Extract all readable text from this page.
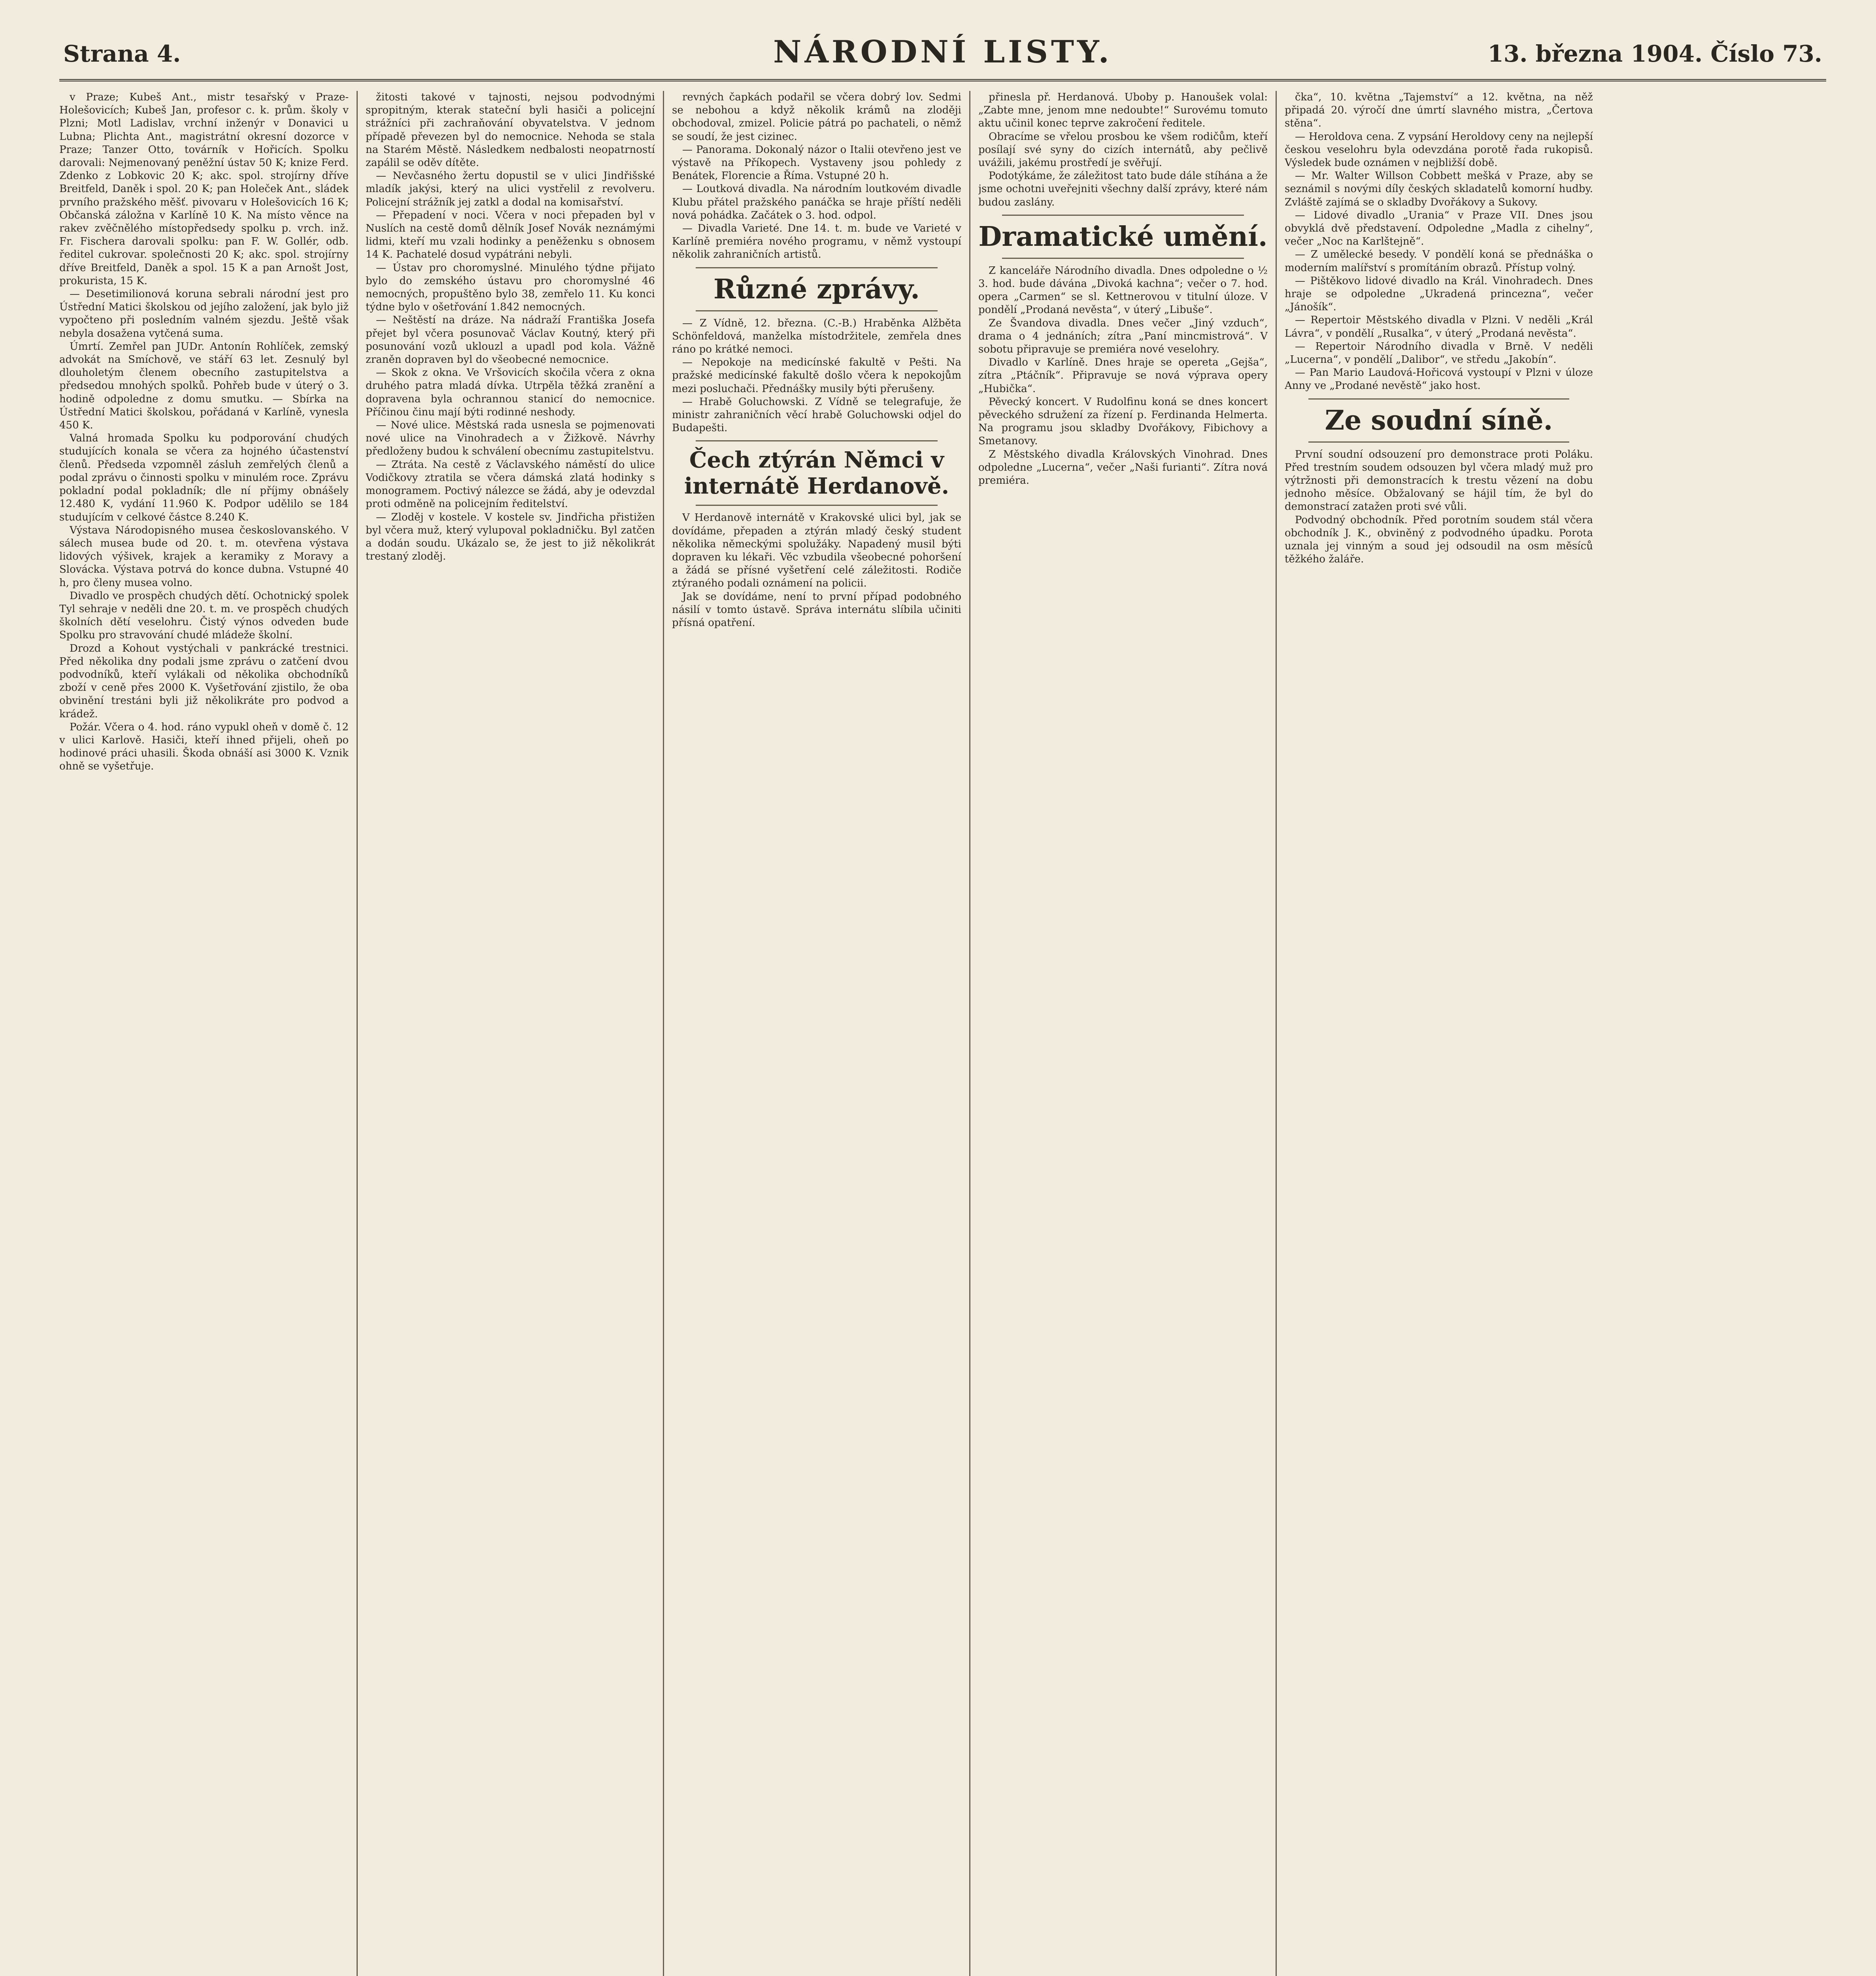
Strana 4.	NÁRODNÍ LISTY.	13. března 1904. Číslo 73.

v Praze; Kubeš Ant., mistr tesařský v Praze-Holešovicích; Kubeš Jan, profesor c. k. prům. školy v Plzni; Motl Ladislav, vrchní inženýr v Donavici u Lubna; Plichta Ant., magistrátní okresní dozorce v Praze; Tanzer Otto, továrník v Hořicích. Spolku darovali: Nejmenovaný peněžní ústav 50 K; knize Ferd. Zdenko z Lobkovic 20 K; akc. spol. strojírny dříve Breitfeld, Daněk i spol. 20 K; pan Holeček Ant., sládek prvního pražského měšť. pivovaru v Holešovicích 16 K; Občanská záložna v Karlíně 10 K. Na místo věnce na rakev zvěčnělého místopředsedy spolku p. vrch. inž. Fr. Fischera darovali spolku: pan F. W. Gollér, odb. ředitel cukrovar. společnosti 20 K; akc. spol. strojírny dříve Breitfeld, Daněk a spol. 15 K a pan Arnošt Jost, prokurista, 15 K.

— Desetimilionová koruna sebrali národní jest pro Ústřední Matici školskou od jejího založení, jak bylo již vypočteno při posledním valném sjezdu. Ještě však nebyla dosažena vytčená suma.

Úmrtí. Zemřel pan JUDr. Antonín Rohlíček, zemský advokát na Smíchově, ve stáří 63 let. Zesnulý byl dlouholetým členem obecního zastupitelstva a předsedou mnohých spolků. Pohřeb bude v úterý o 3. hodině odpoledne z domu smutku. — Sbírka na Ústřední Matici školskou, pořádaná v Karlíně, vynesla 450 K.

Valná hromada Spolku ku podporování chudých studujících konala se včera za hojného účastenství členů. Předseda vzpomněl zásluh zemřelých členů a podal zprávu o činnosti spolku v minulém roce. Zprávu pokladní podal pokladník; dle ní příjmy obnášely 12.480 K, vydání 11.960 K. Podpor udělilo se 184 studujícím v celkové částce 8.240 K.

Výstava Národopisného musea českoslovanského. V sálech musea bude od 20. t. m. otevřena výstava lidových výšivek, krajek a keramiky z Moravy a Slovácka. Výstava potrvá do konce dubna. Vstupné 40 h, pro členy musea volno.

Divadlo ve prospěch chudých dětí. Ochotnický spolek Tyl sehraje v neděli dne 20. t. m. ve prospěch chudých školních dětí veselohru. Čistý výnos odveden bude Spolku pro stravování chudé mládeže školní.

Drozd a Kohout vystýchali v pankrácké trestnici. Před několika dny podali jsme zprávu o zatčení dvou podvodníků, kteří vylákali od několika obchodníků zboží v ceně přes 2000 K. Vyšetřování zjistilo, že oba obvinění trestáni byli již několikráte pro podvod a krádež.

Požár. Včera o 4. hod. ráno vypukl oheň v domě č. 12 v ulici Karlově. Hasiči, kteří ihned přijeli, oheň po hodinové práci uhasili. Škoda obnáší asi 3000 K. Vznik ohně se vyšetřuje.

žitosti takové v tajnosti, nejsou podvodnými spropitným, kterak stateční byli hasiči a policejní strážníci při zachraňování obyvatelstva. V jednom případě převezen byl do nemocnice. Nehoda se stala na Starém Městě. Následkem nedbalosti neopatrností zapálil se oděv dítěte.

— Nevčasného žertu dopustil se v ulici Jindřišské mladík jakýsi, který na ulici vystřelil z revolveru. Policejní strážník jej zatkl a dodal na komisařství.

— Přepadení v noci. Včera v noci přepaden byl v Nuslích na cestě domů dělník Josef Novák neznámými lidmi, kteří mu vzali hodinky a peněženku s obnosem 14 K. Pachatelé dosud vypátráni nebyli.

— Ústav pro choromyslné. Minulého týdne přijato bylo do zemského ústavu pro choromyslné 46 nemocných, propuštěno bylo 38, zemřelo 11. Ku konci týdne bylo v ošetřování 1.842 nemocných.

— Neštěstí na dráze. Na nádraží Františka Josefa přejet byl včera posunovač Václav Koutný, který při posunování vozů uklouzl a upadl pod kola. Vážně zraněn dopraven byl do všeobecné nemocnice.

— Skok z okna. Ve Vršovicích skočila včera z okna druhého patra mladá dívka. Utrpěla těžká zranění a dopravena byla ochrannou stanicí do nemocnice. Příčinou činu mají býti rodinné neshody.

— Nové ulice. Městská rada usnesla se pojmenovati nové ulice na Vinohradech a v Žižkově. Návrhy předloženy budou k schválení obecnímu zastupitelstvu.

— Ztráta. Na cestě z Václavského náměstí do ulice Vodičkovy ztratila se včera dámská zlatá hodinky s monogramem. Poctivý nálezce se žádá, aby je odevzdal proti odměně na policejním ředitelství.

— Zloděj v kostele. V kostele sv. Jindřicha přistižen byl včera muž, který vylupoval pokladničku. Byl zatčen a dodán soudu. Ukázalo se, že jest to již několikrát trestaný zloděj.

revných čapkách podařil se včera dobrý lov. Sedmi se nebohou a když několik krámů na zloději obchodoval, zmizel. Policie pátrá po pachateli, o němž se soudí, že jest cizinec.

— Panorama. Dokonalý názor o Italii otevřeno jest ve výstavě na Příkopech. Vystaveny jsou pohledy z Benátek, Florencie a Říma. Vstupné 20 h.

— Loutková divadla. Na národním loutkovém divadle Klubu přátel pražského panáčka se hraje příští neděli nová pohádka. Začátek o 3. hod. odpol.

— Divadla Varieté. Dne 14. t. m. bude ve Varieté v Karlíně premiéra nového programu, v němž vystoupí několik zahraničních artistů.

Různé zprávy.

— Z Vídně, 12. března. (C.-B.) Hraběnka Alžběta Schönfeldová, manželka místodržitele, zemřela dnes ráno po krátké nemoci.

— Nepokoje na medicínské fakultě v Pešti. Na pražské medicínské fakultě došlo včera k nepokojům mezi posluchači. Přednášky musily býti přerušeny.

— Hrabě Goluchowski. Z Vídně se telegrafuje, že ministr zahraničních věcí hrabě Goluchowski odjel do Budapešti.

Čech ztýrán Němci v internátě Herdanově.

V Herdanově internátě v Krakovské ulici byl, jak se dovídáme, přepaden a ztýrán mladý český student několika německými spolužáky. Napadený musil býti dopraven ku lékaři. Věc vzbudila všeobecné pohoršení a žádá se přísné vyšetření celé záležitosti. Rodiče ztýraného podali oznámení na policii.

Jak se dovídáme, není to první případ podobného násilí v tomto ústavě. Správa internátu slíbila učiniti přísná opatření.

přinesla př. Herdanová. Uboby p. Hanoušek volal: „Zabte mne, jenom mne nedoubte!“ Surovému tomuto aktu učinil konec teprve zakročení ředitele.

Obracíme se vřelou prosbou ke všem rodičům, kteří posílají své syny do cizích internátů, aby pečlivě uvážili, jakému prostředí je svěřují.

Podotýkáme, že záležitost tato bude dále stíhána a že jsme ochotni uveřejniti všechny další zprávy, které nám budou zaslány.

Dramatické umění.

Z kanceláře Národního divadla. Dnes odpoledne o ½ 3. hod. bude dávána „Divoká kachna“; večer o 7. hod. opera „Carmen“ se sl. Kettnerovou v titulní úloze. V pondělí „Prodaná nevěsta“, v úterý „Libuše“.

Ze Švandova divadla. Dnes večer „Jiný vzduch“, drama o 4 jednáních; zítra „Paní mincmistrová“. V sobotu připravuje se premiéra nové veselohry.

Divadlo v Karlíně. Dnes hraje se opereta „Gejša“, zítra „Ptáčník“. Připravuje se nová výprava opery „Hubička“.

Pěvecký koncert. V Rudolfinu koná se dnes koncert pěveckého sdružení za řízení p. Ferdinanda Helmerta. Na programu jsou skladby Dvořákovy, Fibichovy a Smetanovy.

Z Městského divadla Královských Vinohrad. Dnes odpoledne „Lucerna“, večer „Naši furianti“. Zítra nová premiéra.

čka“, 10. května „Tajemství“ a 12. května, na něž připadá 20. výročí dne úmrtí slavného mistra, „Čertova stěna“.

— Heroldova cena. Z vypsání Heroldovy ceny na nejlepší českou veselohru byla odevzdána porotě řada rukopisů. Výsledek bude oznámen v nejbližší době.

— Mr. Walter Willson Cobbett mešká v Praze, aby se seznámil s novými díly českých skladatelů komorní hudby. Zvláště zajímá se o skladby Dvořákovy a Sukovy.

— Lidové divadlo „Urania“ v Praze VII. Dnes jsou obvyklá dvě představení. Odpoledne „Madla z cihelny“, večer „Noc na Karlštejně“.

— Z umělecké besedy. V pondělí koná se přednáška o moderním malířství s promítáním obrazů. Přístup volný.

— Pištěkovo lidové divadlo na Král. Vinohradech. Dnes hraje se odpoledne „Ukradená princezna“, večer „Jánošík“.

— Repertoir Městského divadla v Plzni. V neděli „Král Lávra“, v pondělí „Rusalka“, v úterý „Prodaná nevěsta“.

— Repertoir Národního divadla v Brně. V neděli „Lucerna“, v pondělí „Dalibor“, ve středu „Jakobín“.

— Pan Mario Laudová-Hořicová vystoupí v Plzni v úloze Anny ve „Prodané nevěstě“ jako host.

Ze soudní síně.

První soudní odsouzení pro demonstrace proti Poláku. Před trestním soudem odsouzen byl včera mladý muž pro výtržnosti při demonstracích k trestu vězení na dobu jednoho měsíce. Obžalovaný se hájil tím, že byl do demonstrací zatažen proti své vůli.

Podvodný obchodník. Před porotním soudem stál včera obchodník J. K., obviněný z podvodného úpadku. Porota uznala jej vinným a soud jej odsoudil na osm měsíců těžkého žaláře.
